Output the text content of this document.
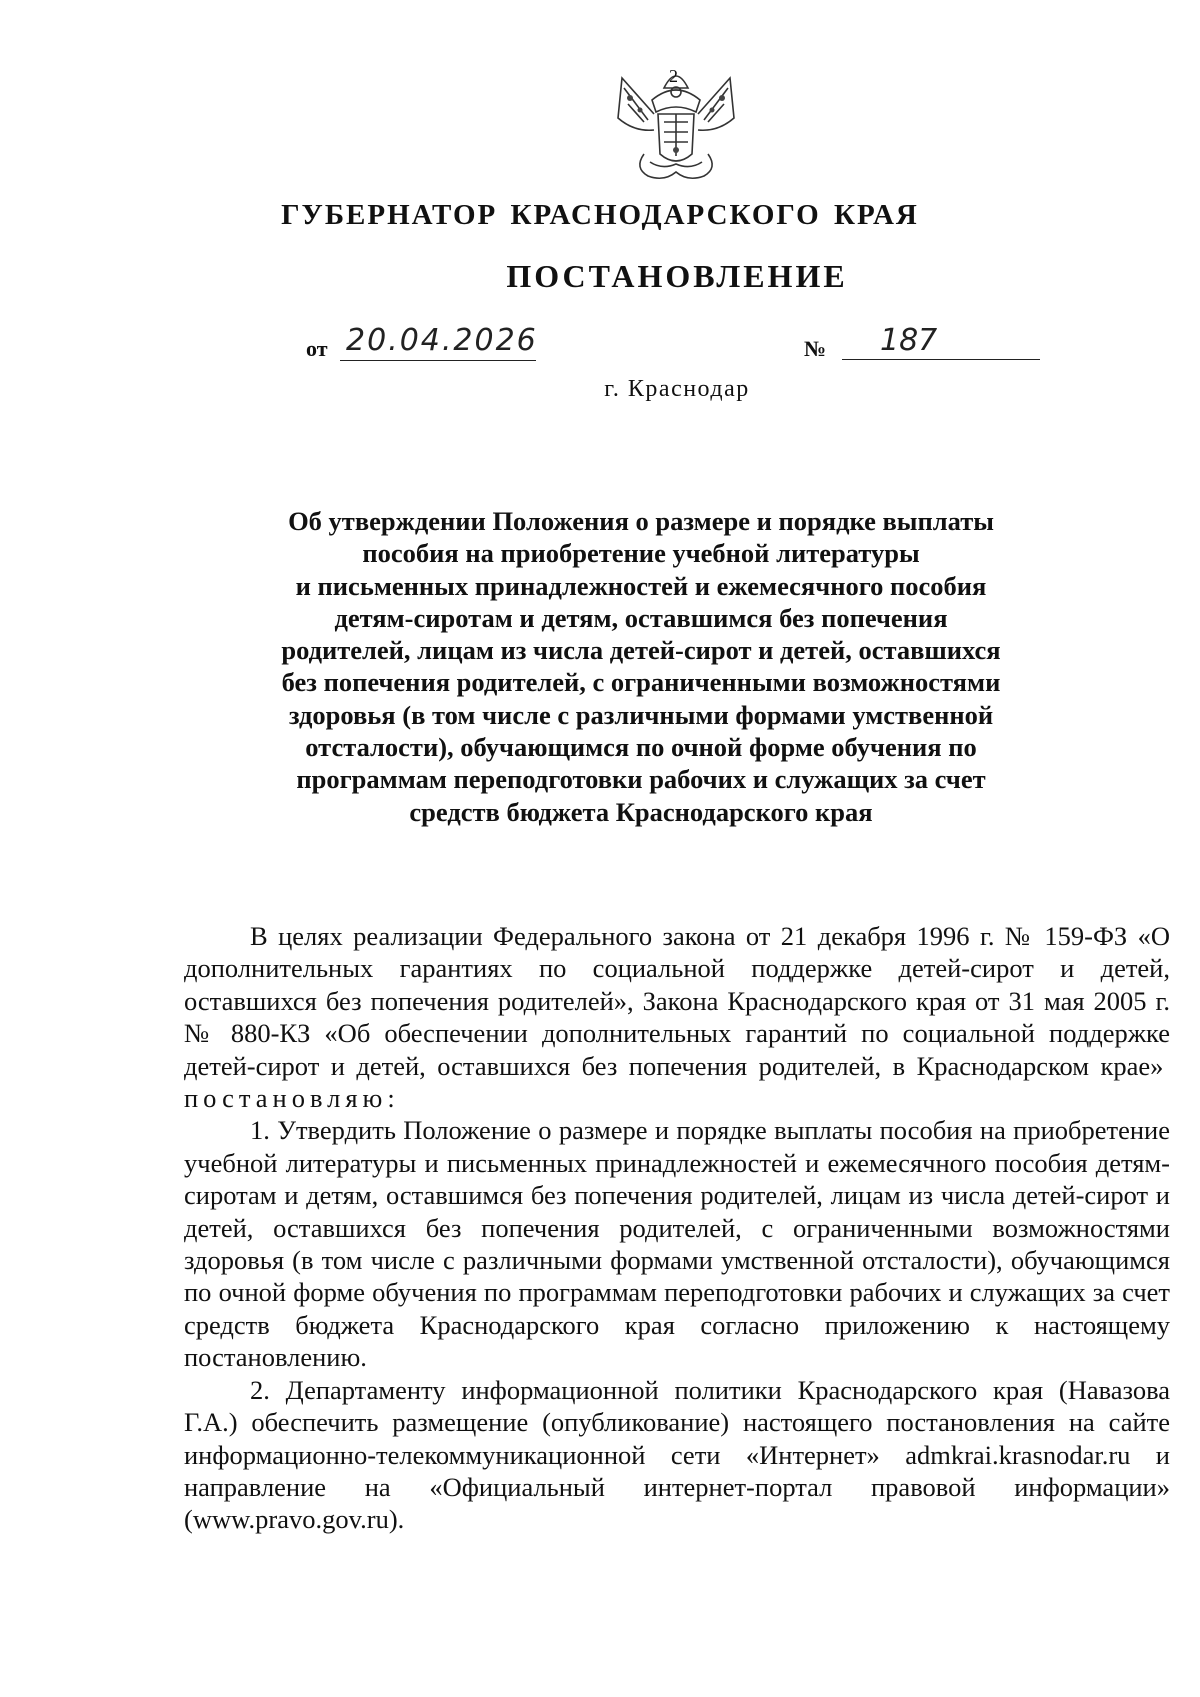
2
ГУБЕРНАТОР КРАСНОДАРСКОГО КРАЯ
ПОСТАНОВЛЕНИЕ
от 20.04.2026	№	187
г. Краснодар
Об утверждении Положения о размере и порядке выплаты
пособия на приобретение учебной литературы
и письменных принадлежностей и ежемесячного пособия
детям-сиротам и детям, оставшимся без попечения
родителей, лицам из числа детей-сирот и детей, оставшихся
без попечения родителей, с ограниченными возможностями
здоровья (в том числе с различными формами умственной
отсталости), обучающимся по очной форме обучения по
программам переподготовки рабочих и служащих за счет
средств бюджета Краснодарского края

В целях реализации Федерального закона от 21 декабря 1996 г. № 159-ФЗ «О дополнительных гарантиях по социальной поддержке детей-сирот и детей, оставшихся без попечения родителей», Закона Краснодарского края от 31 мая 2005 г. № 880-КЗ «Об обеспечении дополнительных гарантий по социальной поддержке детей-сирот и детей, оставшихся без попечения родителей, в Краснодарском крае»  постановляю:

1. Утвердить Положение о размере и порядке выплаты пособия на приобретение учебной литературы и письменных принадлежностей и ежемесячного пособия детям-сиротам и детям, оставшимся без попечения родителей, лицам из числа детей-сирот и детей, оставшихся без попечения родителей, с ограниченными возможностями здоровья (в том числе с различными формами умственной отсталости), обучающимся по очной форме обучения по программам переподготовки рабочих и служащих за счет средств бюджета Краснодарского края согласно приложению к настоящему постановлению.

2. Департаменту информационной политики Краснодарского края (Навазова Г.А.) обеспечить размещение (опубликование) настоящего постановления на сайте информационно-телекоммуникационной сети «Интернет» admkrai.krasnodar.ru и направление на «Официальный интернет-портал правовой информации» (www.pravo.gov.ru).
